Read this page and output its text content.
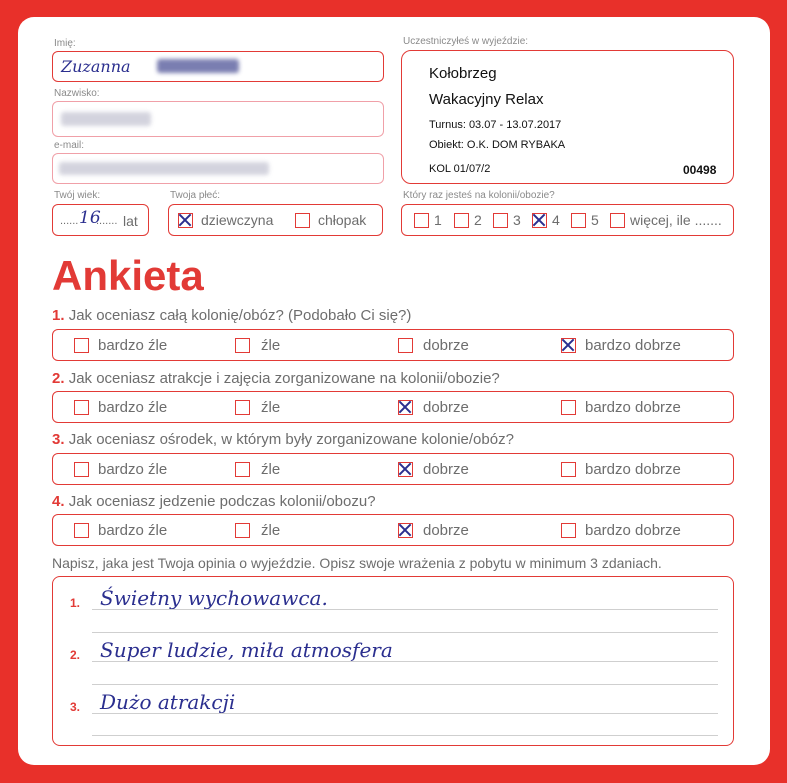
Imię:
Zuzanna
Nazwisko:
e-mail:
Twój wiek:
...... 16
....... lat
Twoja płeć:
dziewczyna	chłopak
Uczestniczyłeś w wyjeździe:
Kołobrzeg
Wakacyjny Relax
Turnus: 03.07 - 13.07.2017
Obiekt: O.K. DOM RYBAKA
KOL 01/07/2	00498
Który raz jesteś na kolonii/obozie?
1 2 3 4 5 więcej, ile .......
Ankieta
1. Jak oceniasz całą kolonię/obóz? (Podobało Ci się?)
bardzo źle	źle	dobrze	bardzo dobrze
2. Jak oceniasz atrakcje i zajęcia zorganizowane na kolonii/obozie?
bardzo źle	źle	dobrze	bardzo dobrze
3. Jak oceniasz ośrodek, w którym były zorganizowane kolonie/obóz?
bardzo źle	źle	dobrze	bardzo dobrze
4. Jak oceniasz jedzenie podczas kolonii/obozu?
bardzo źle	źle	dobrze	bardzo dobrze
Napisz, jaka jest Twoja opinia o wyjeździe. Opisz swoje wrażenia z pobytu w minimum 3 zdaniach.
1. Świetny wychowawca.
2. Super ludzie, miła atmosfera
3. Dużo atrakcji
